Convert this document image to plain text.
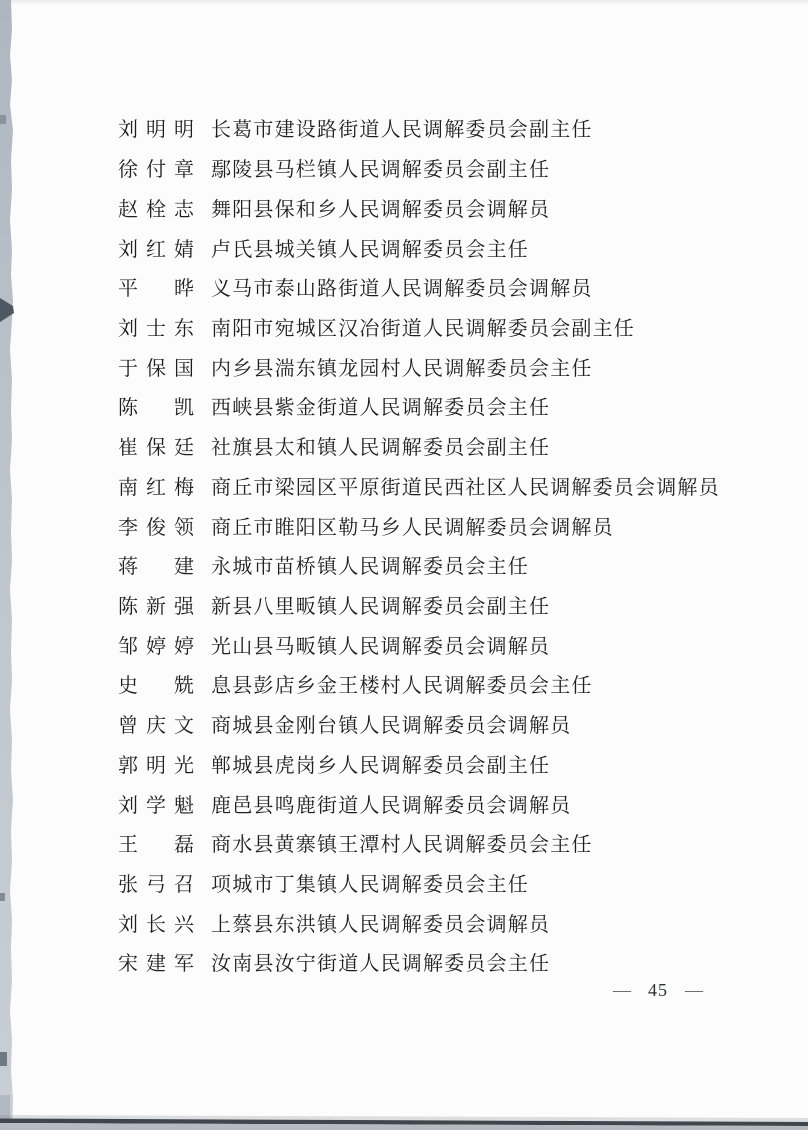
刘明明 长葛市建设路街道人民调解委员会副主任
徐付章 鄢陵县马栏镇人民调解委员会副主任
赵栓志 舞阳县保和乡人民调解委员会调解员
刘红婧 卢氏县城关镇人民调解委员会主任
平晔 义马市泰山路街道人民调解委员会调解员
刘士东 南阳市宛城区汉冶街道人民调解委员会副主任
于保国 内乡县湍东镇龙园村人民调解委员会主任
陈凯 西峡县紫金街道人民调解委员会主任
崔保廷 社旗县太和镇人民调解委员会副主任
南红梅 商丘市梁园区平原街道民西社区人民调解委员会调解员
李俊领 商丘市睢阳区勒马乡人民调解委员会调解员
蒋建 永城市苗桥镇人民调解委员会主任
陈新强 新县八里畈镇人民调解委员会副主任
邹婷婷 光山县马畈镇人民调解委员会调解员
史兟 息县彭店乡金王楼村人民调解委员会主任
曾庆文 商城县金刚台镇人民调解委员会调解员
郭明光 郸城县虎岗乡人民调解委员会副主任
刘学魁 鹿邑县鸣鹿街道人民调解委员会调解员
王磊 商水县黄寨镇王潭村人民调解委员会主任
张弓召 项城市丁集镇人民调解委员会主任
刘长兴 上蔡县东洪镇人民调解委员会调解员
宋建军 汝南县汝宁街道人民调解委员会主任
— 45 —
